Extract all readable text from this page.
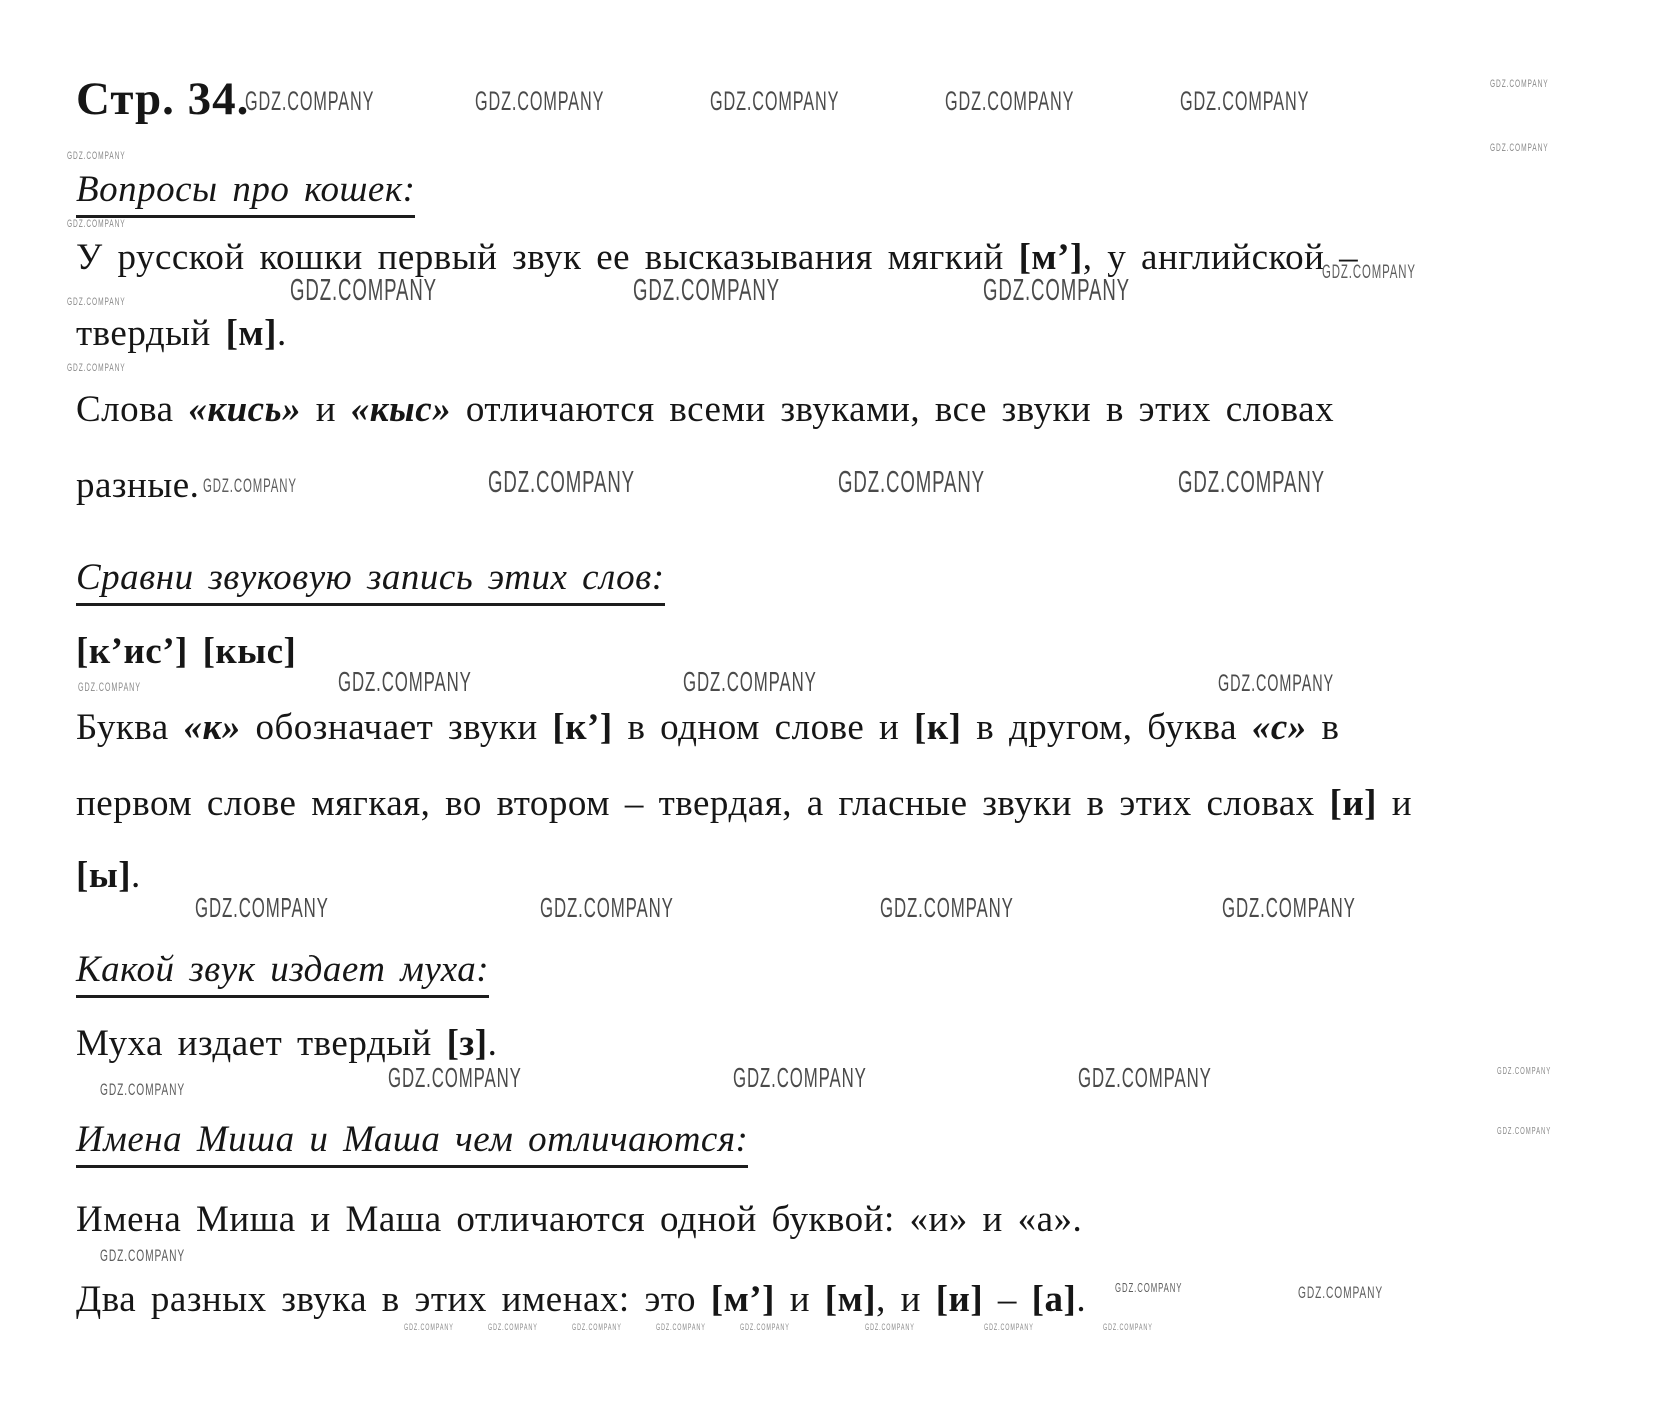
Стр. 34.
Вопросы про кошек:
У русской кошки первый звук ее высказывания мягкий [м’], у английской –
твердый [м].
Слова «кись» и «кыс» отличаются всеми звуками, все звуки в этих словах
разные.
Сравни звуковую запись этих слов:
[к’ис’] [кыс]
Буква «к» обозначает звуки [к’] в одном слове и [к] в другом, буква «с» в
первом слове мягкая, во втором – твердая, а гласные звуки в этих словах [и] и
[ы].
Какой звук издает муха:
Муха издает твердый [з].
Имена Миша и Маша чем отличаются:
Имена Миша и Маша отличаются одной буквой: «и» и «а».
Два разных звука в этих именах: это [м’] и [м], и [и] – [а].
GDZ.COMPANY	GDZ.COMPANY	GDZ.COMPANY	GDZ.COMPANY	GDZ.COMPANY
GDZ.COMPANY
GDZ.COMPANY
GDZ.COMPANY
GDZ.COMPANY
GDZ.COMPANY	GDZ.COMPANY	GDZ.COMPANY	GDZ.COMPANY
GDZ.COMPANY
GDZ.COMPANY
GDZ.COMPANY	GDZ.COMPANY	GDZ.COMPANY	GDZ.COMPANY
GDZ.COMPANY	GDZ.COMPANY	GDZ.COMPANY	GDZ.COMPANY
GDZ.COMPANY	GDZ.COMPANY	GDZ.COMPANY	GDZ.COMPANY
GDZ.COMPANY	GDZ.COMPANY	GDZ.COMPANY	GDZ.COMPANY	GDZ.COMPANY
GDZ.COMPANY
GDZ.COMPANY
GDZ.COMPANY	GDZ.COMPANY
GDZ.COMPANY	GDZ.COMPANY	GDZ.COMPANY	GDZ.COMPANY	GDZ.COMPANY	GDZ.COMPANY	GDZ.COMPANY	GDZ.COMPANY
